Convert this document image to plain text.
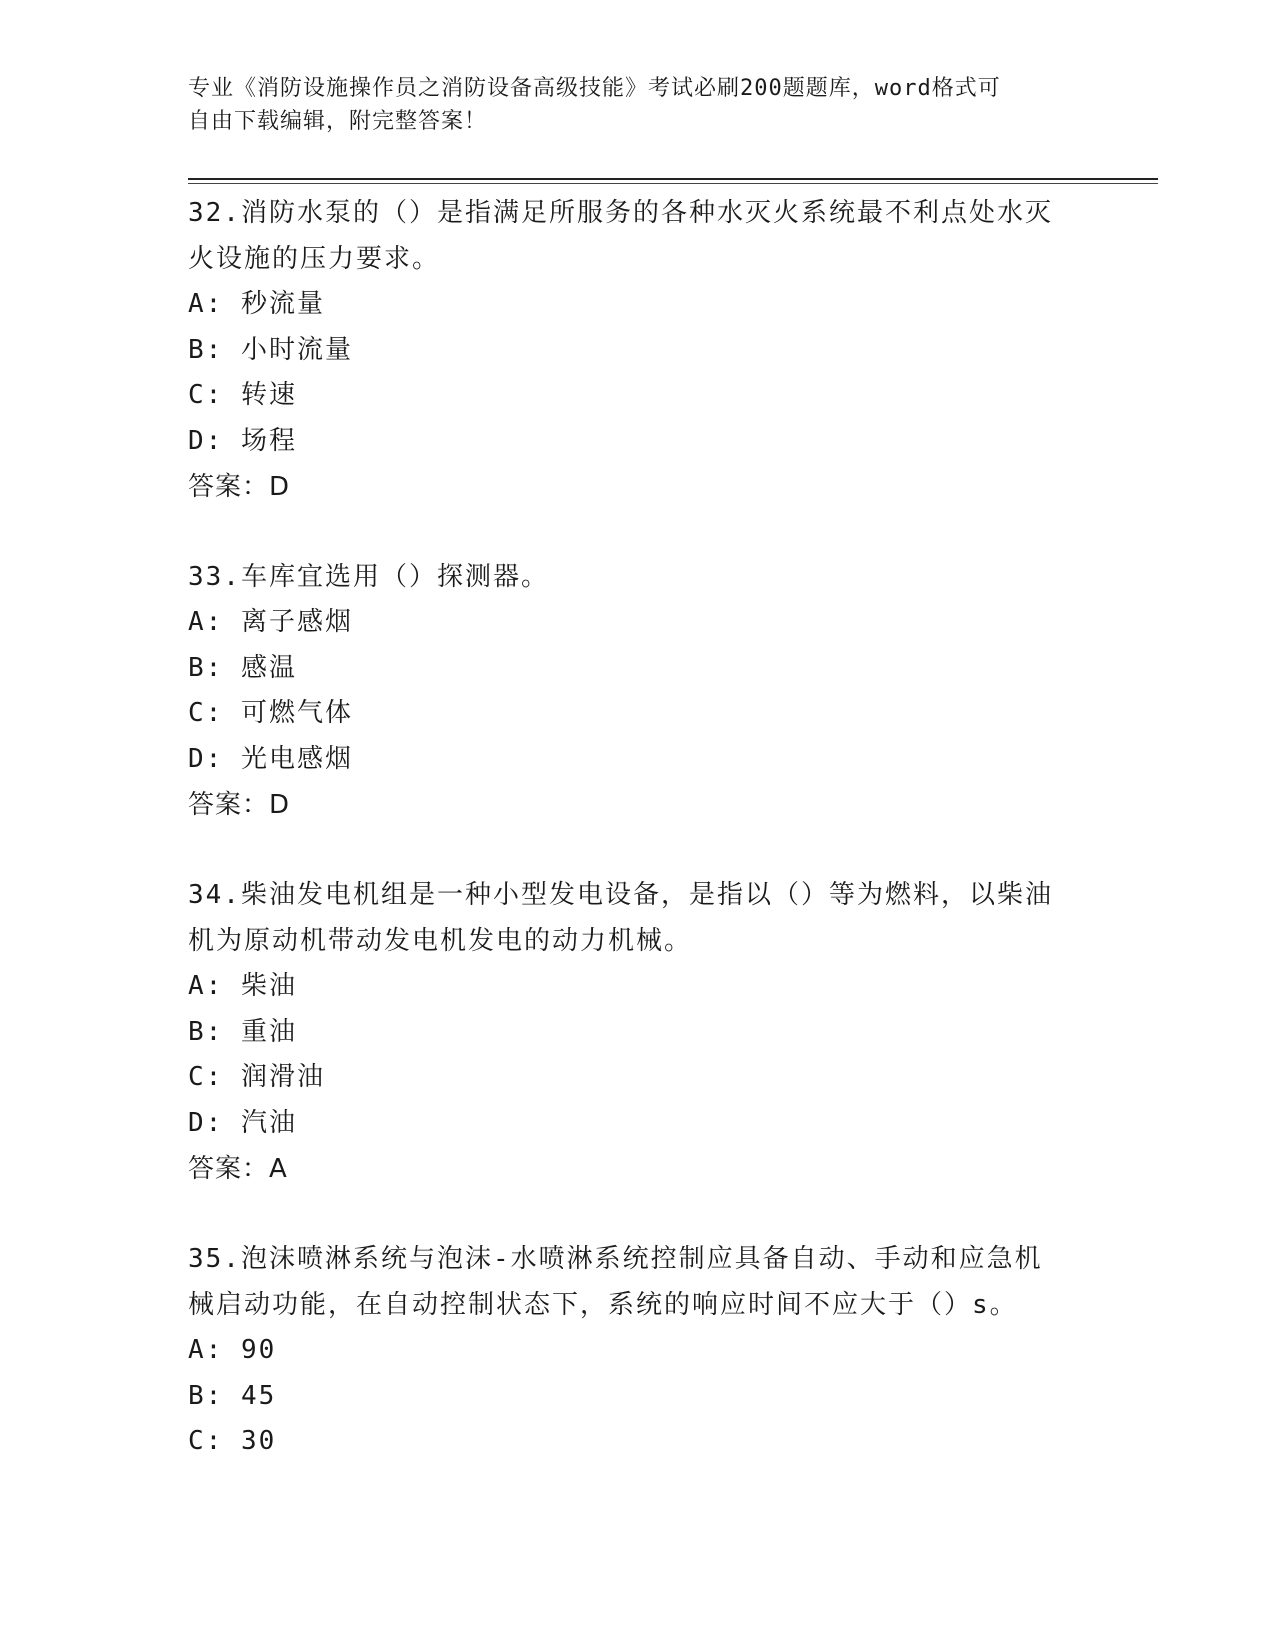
专业《消防设施操作员之消防设备高级技能》考试必刷200题题库，word格式可
自由下载编辑，附完整答案！
32.消防水泵的（）是指满足所服务的各种水灭火系统最不利点处水灭
火设施的压力要求。
A: 秒流量
B: 小时流量
C: 转速
D: 场程
答案：D
33.车库宜选用（）探测器。
A: 离子感烟
B: 感温
C: 可燃气体
D: 光电感烟
答案：D
34.柴油发电机组是一种小型发电设备，是指以（）等为燃料，以柴油
机为原动机带动发电机发电的动力机械。
A: 柴油
B: 重油
C: 润滑油
D: 汽油
答案：A
35.泡沫喷淋系统与泡沫-水喷淋系统控制应具备自动、手动和应急机
械启动功能，在自动控制状态下，系统的响应时间不应大于（）s。
A: 90
B: 45
C: 30
